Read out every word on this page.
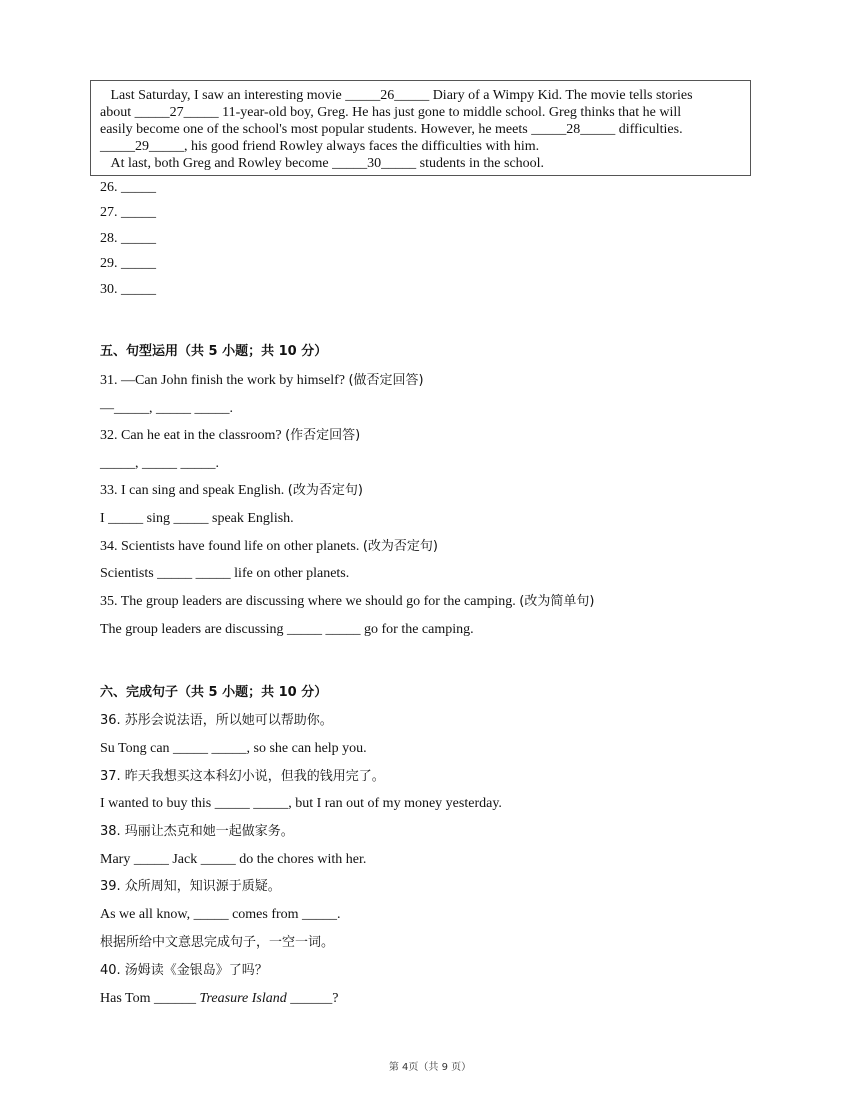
Last Saturday, I saw an interesting movie _____26_____ Diary of a Wimpy Kid. The movie tells stories

about _____27_____ 11-year-old boy, Greg. He has just gone to middle school. Greg thinks that he will

easily become one of the school's most popular students. However, he meets _____28_____ difficulties.

_____29_____, his good friend Rowley always faces the difficulties with him.

At last, both Greg and Rowley become _____30_____ students in the school.

26. _____
27. _____
28. _____
29. _____
30. _____
五、句型运用（共 5 小题；共 10 分）
31. —Can John finish the work by himself? (做否定回答)
—_____, _____ _____.
32. Can he eat in the classroom? (作否定回答)
_____, _____ _____.
33. I can sing and speak English. (改为否定句)
I _____ sing _____ speak English.
34. Scientists have found life on other planets. (改为否定句)
Scientists _____ _____ life on other planets.
35. The group leaders are discussing where we should go for the camping. (改为简单句)
The group leaders are discussing _____ _____ go for the camping.
六、完成句子（共 5 小题；共 10 分）
36. 苏彤会说法语，所以她可以帮助你。
Su Tong can _____ _____, so she can help you.
37. 昨天我想买这本科幻小说，但我的钱用完了。
I wanted to buy this _____ _____, but I ran out of my money yesterday.
38. 玛丽让杰克和她一起做家务。
Mary _____ Jack _____ do the chores with her.
39. 众所周知，知识源于质疑。
As we all know, _____ comes from _____.
根据所给中文意思完成句子，一空一词。
40. 汤姆读《金银岛》了吗？
Has Tom ______ Treasure Island ______?
第 4页（共 9 页）
